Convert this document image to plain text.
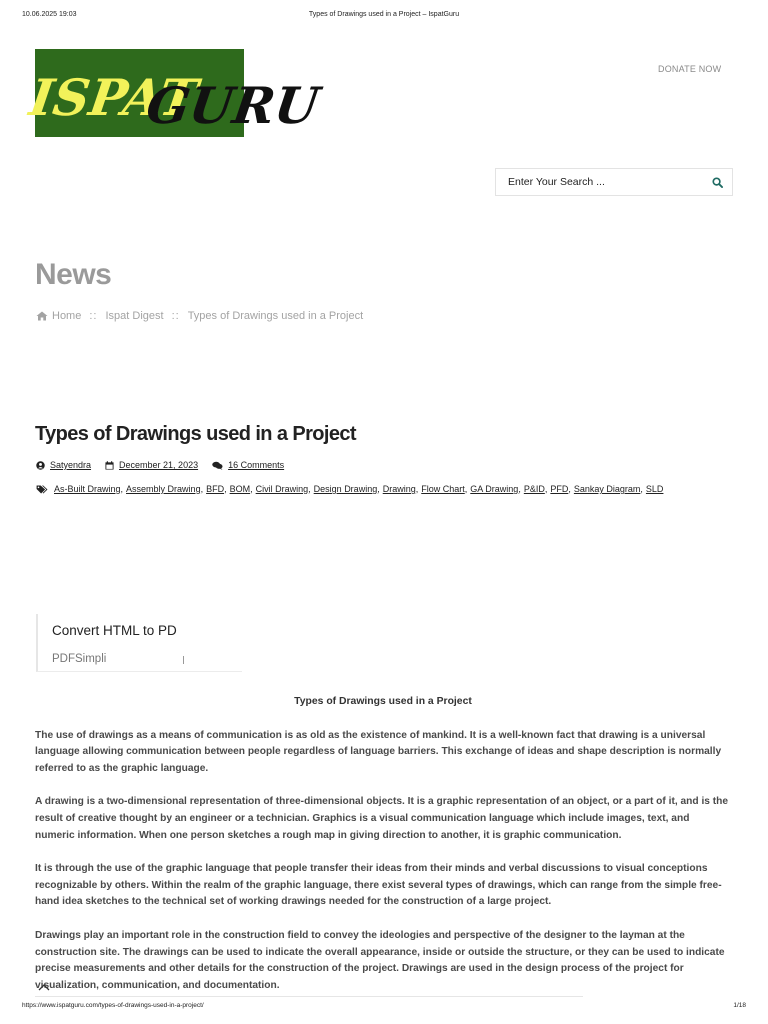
10.06.2025 19:03	Types of Drawings used in a Project – IspatGuru
ISPAT
GURU
DONATE NOW
Enter Your Search ...
News
Home :: Ispat Digest :: Types of Drawings used in a Project
Types of Drawings used in a Project
Satyendra	December 21, 2023	16 Comments
As-Built Drawing, Assembly Drawing, BFD, BOM, Civil Drawing, Design Drawing, Drawing, Flow Chart, GA Drawing, P&ID, PFD, Sankay Diagram, SLD
Convert HTML to PD
PDFSimpli
Types of Drawings used in a Project

The use of drawings as a means of communication is as old as the existence of mankind. It is a well-known fact that drawing is a universal language allowing communication between people regardless of language barriers. This exchange of ideas and shape description is normally referred to as the graphic language.

A drawing is a two-dimensional representation of three-dimensional objects. It is a graphic representation of an object, or a part of it, and is the result of creative thought by an engineer or a technician. Graphics is a visual communication language which include images, text, and numeric information. When one person sketches a rough map in giving direction to another, it is graphic communication.

It is through the use of the graphic language that people transfer their ideas from their minds and verbal discussions to visual conceptions recognizable by others. Within the realm of the graphic language, there exist several types of drawings, which can range from the simple free-hand idea sketches to the technical set of working drawings needed for the construction of a large project.

Drawings play an important role in the construction field to convey the ideologies and perspective of the designer to the layman at the construction site. The drawings can be used to indicate the overall appearance, inside or outside the structure, or they can be used to indicate precise measurements and other details for the construction of the project. Drawings are used in the design process of the project for visualization, communication, and documentation.

https://www.ispatguru.com/types-of-drawings-used-in-a-project/	1/18
